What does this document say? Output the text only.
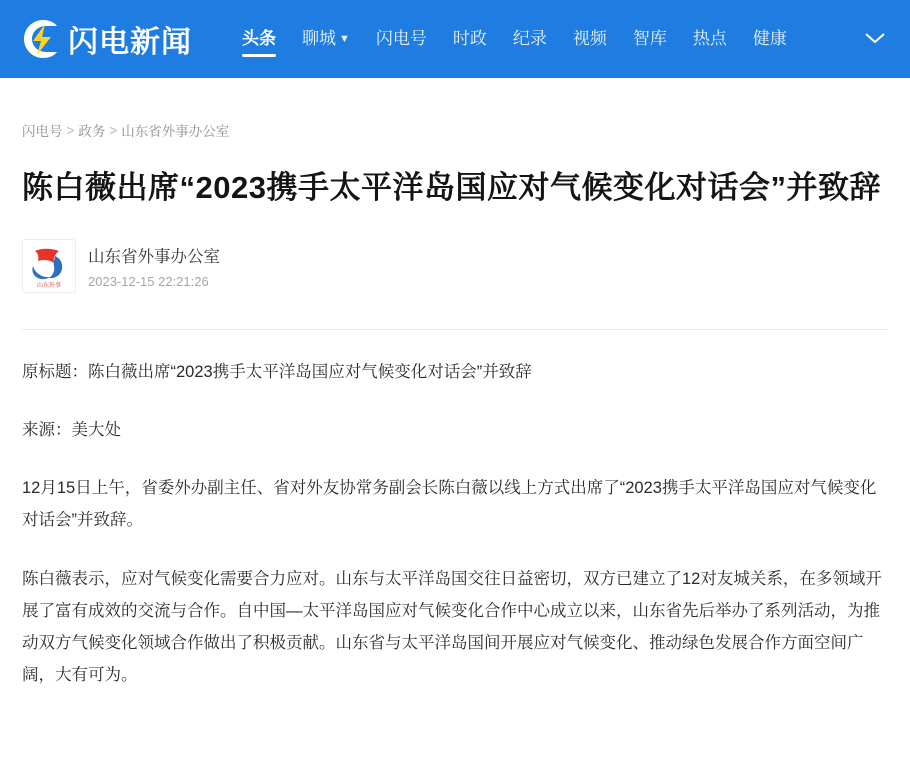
闪电新闻	头条 聊城 ▼ 闪电号 时政 纪录 视频 智库 热点 健康
闪电号 > 政务 > 山东省外事办公室
陈白薇出席“2023携手太平洋岛国应对气候变化对话会”并致辞
山东外事
山东省外事办公室
2023-12-15 22:21:26

原标题：陈白薇出席“2023携手太平洋岛国应对气候变化对话会”并致辞

来源：美大处

12月15日上午，省委外办副主任、省对外友协常务副会长陈白薇以线上方式出席了“2023携手太平洋岛国应对气候变化对话会”并致辞。

陈白薇表示，应对气候变化需要合力应对。山东与太平洋岛国交往日益密切，双方已建立了12对友城关系，在多领域开展了富有成效的交流与合作。自中国—太平洋岛国应对气候变化合作中心成立以来，山东省先后举办了系列活动，为推动双方气候变化领域合作做出了积极贡献。山东省与太平洋岛国间开展应对气候变化、推动绿色发展合作方面空间广阔，大有可为。
